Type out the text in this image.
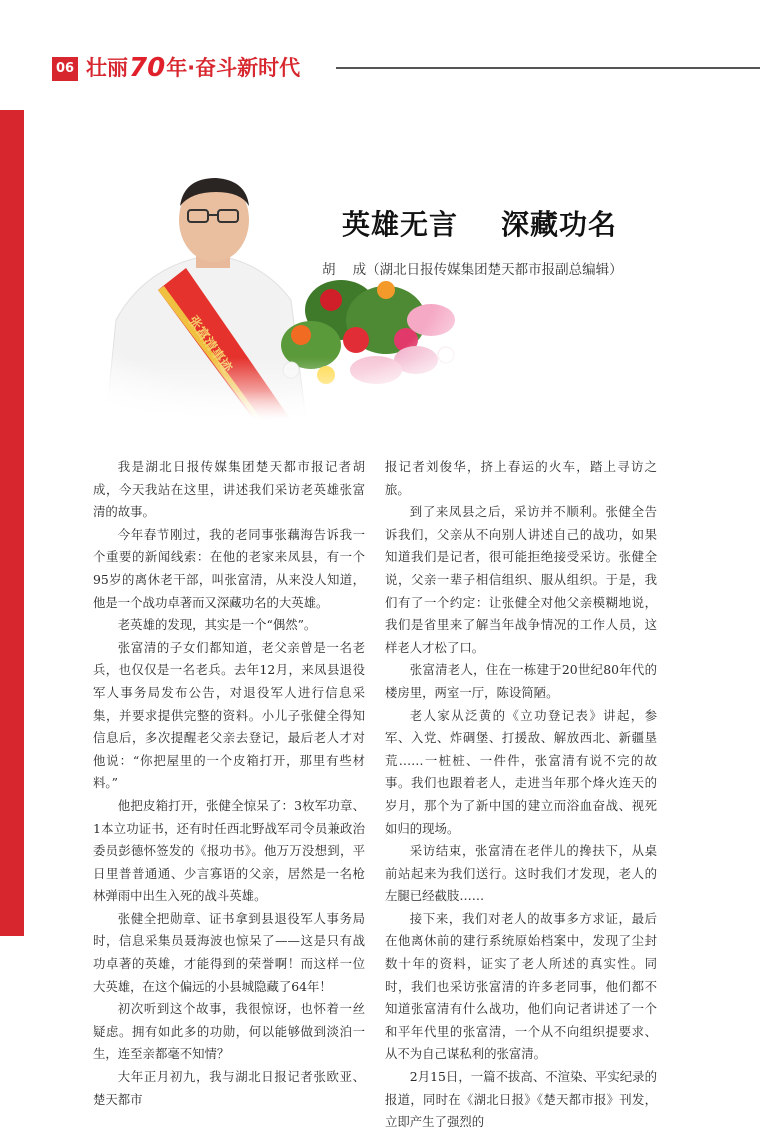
06 壮丽 70 年·奋斗新时代
英雄无言    深藏功名
胡    成（湖北日报传媒集团楚天都市报副总编辑）

我是湖北日报传媒集团楚天都市报记者胡成，今天我站在这里，讲述我们采访老英雄张富清的故事。

今年春节刚过，我的老同事张藕海告诉我一个重要的新闻线索：在他的老家来凤县，有一个95岁的离休老干部，叫张富清，从来没人知道，他是一个战功卓著而又深藏功名的大英雄。

老英雄的发现，其实是一个“偶然”。

张富清的子女们都知道，老父亲曾是一名老兵，也仅仅是一名老兵。去年12月，来凤县退役军人事务局发布公告，对退役军人进行信息采集，并要求提供完整的资料。小儿子张健全得知信息后，多次提醒老父亲去登记，最后老人才对他说：“你把屋里的一个皮箱打开，那里有些材料。”

他把皮箱打开，张健全惊呆了：3枚军功章、1本立功证书，还有时任西北野战军司令员兼政治委员彭德怀签发的《报功书》。他万万没想到，平日里普普通通、少言寡语的父亲，居然是一名枪林弹雨中出生入死的战斗英雄。

张健全把勋章、证书拿到县退役军人事务局时，信息采集员聂海波也惊呆了——这是只有战功卓著的英雄，才能得到的荣誉啊！而这样一位大英雄，在这个偏远的小县城隐藏了64年！

初次听到这个故事，我很惊讶，也怀着一丝疑虑。拥有如此多的功勋，何以能够做到淡泊一生，连至亲都毫不知情？

大年正月初九，我与湖北日报记者张欧亚、楚天都市

报记者刘俊华，挤上春运的火车，踏上寻访之旅。

到了来凤县之后，采访并不顺利。张健全告诉我们，父亲从不向别人讲述自己的战功，如果知道我们是记者，很可能拒绝接受采访。张健全说，父亲一辈子相信组织、服从组织。于是，我们有了一个约定：让张健全对他父亲模糊地说，我们是省里来了解当年战争情况的工作人员，这样老人才松了口。

张富清老人，住在一栋建于20世纪80年代的楼房里，两室一厅，陈设简陋。

老人家从泛黄的《立功登记表》讲起，参军、入党、炸碉堡、打援敌、解放西北、新疆垦荒……一桩桩、一件件，张富清有说不完的故事。我们也跟着老人，走进当年那个烽火连天的岁月，那个为了新中国的建立而浴血奋战、视死如归的现场。

采访结束，张富清在老伴儿的搀扶下，从桌前站起来为我们送行。这时我们才发现，老人的左腿已经截肢……

接下来，我们对老人的故事多方求证，最后在他离休前的建行系统原始档案中，发现了尘封数十年的资料，证实了老人所述的真实性。同时，我们也采访张富清的许多老同事，他们都不知道张富清有什么战功，他们向记者讲述了一个和平年代里的张富清，一个从不向组织提要求、从不为自己谋私利的张富清。

2月15日，一篇不拔高、不渲染、平实纪录的报道，同时在《湖北日报》《楚天都市报》刊发，立即产生了强烈的
